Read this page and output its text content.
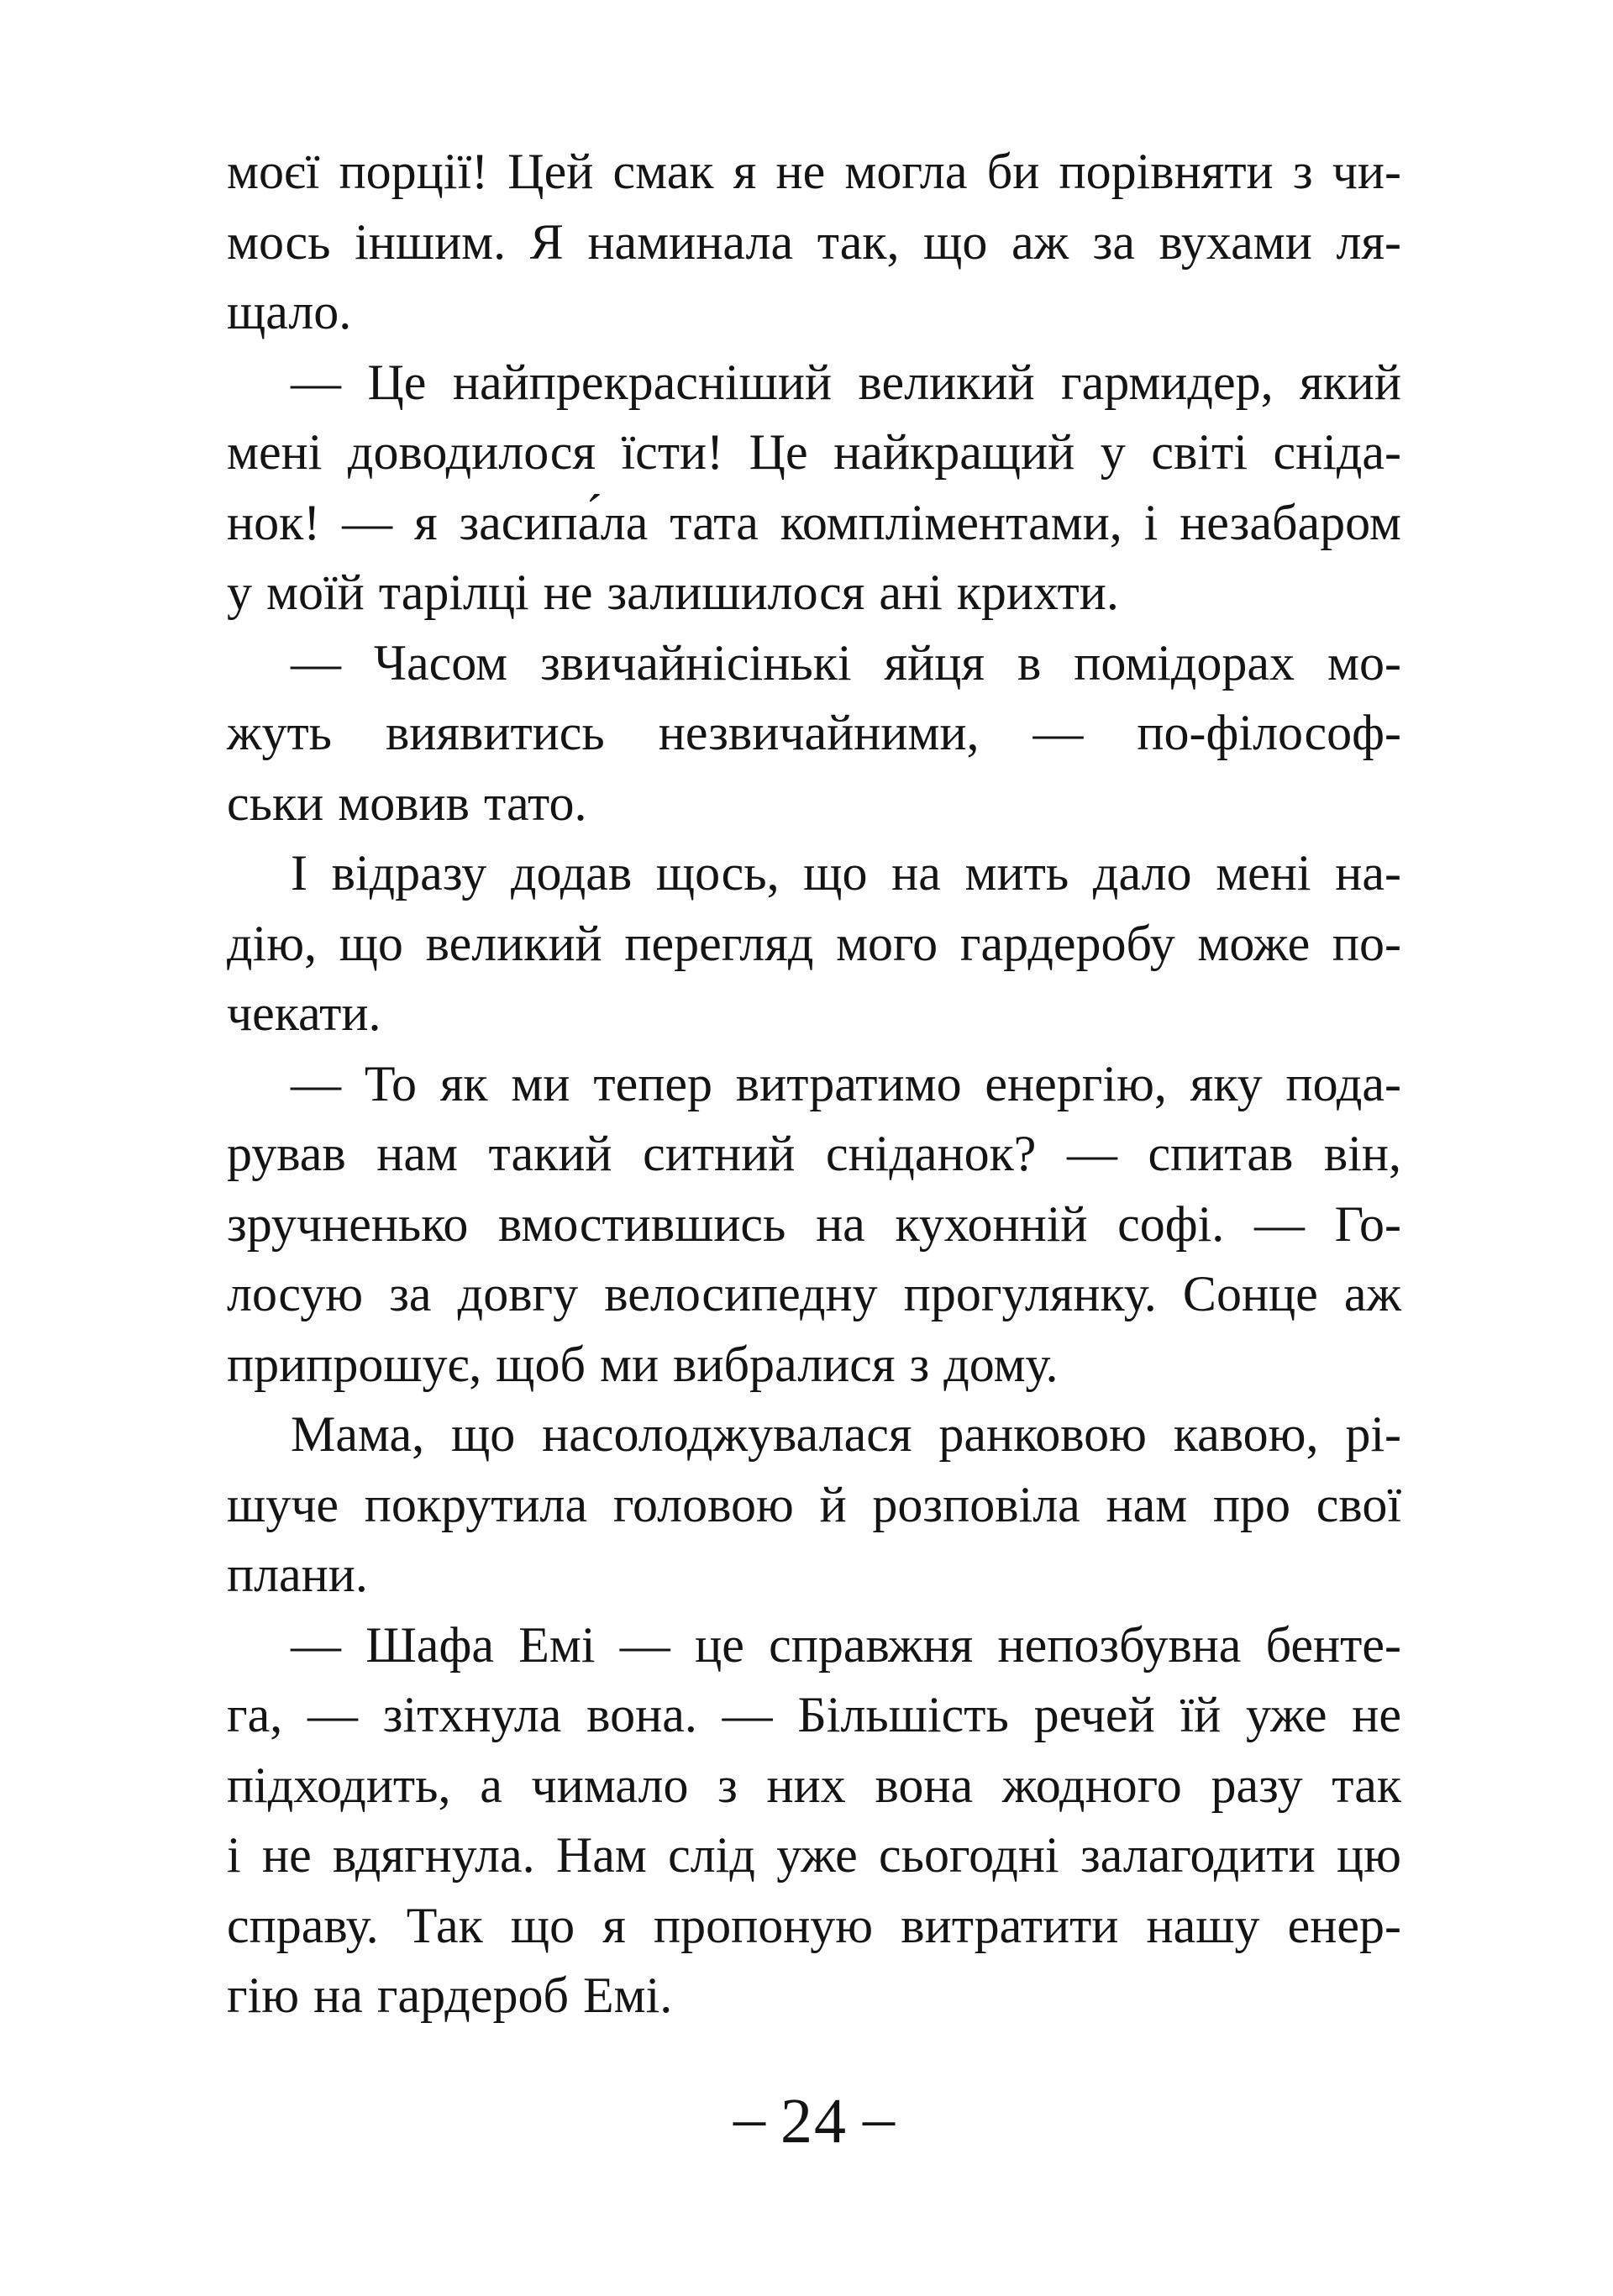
моєї порції! Цей смак я не могла би порівняти з чи-
мось іншим. Я наминала так, що аж за вухами ля-
щало.
— Це найпрекрасніший великий гармидер, який
мені доводилося їсти! Це найкращий у світі сніда-
нок! — я засипа́ла тата компліментами, і незабаром
у моїй тарілці не залишилося ані крихти.
— Часом звичайнісінькі яйця в помідорах мо-
жуть виявитись незвичайними, — по-філософ-
ськи мовив тато.
І відразу додав щось, що на мить дало мені на-
дію, що великий перегляд мого гардеробу може по-
чекати.
— То як ми тепер витратимо енергію, яку пода-
рував нам такий ситний сніданок? — спитав він,
зручненько вмостившись на кухонній софі. — Го-
лосую за довгу велосипедну прогулянку. Сонце аж
припрошує, щоб ми вибралися з дому.
Мама, що насолоджувалася ранковою кавою, рі-
шуче покрутила головою й розповіла нам про свої
плани.
— Шафа Емі — це справжня непозбувна бенте-
га, — зітхнула вона. — Більшість речей їй уже не
підходить, а чимало з них вона жодного разу так
і не вдягнула. Нам слід уже сьогодні залагодити цю
справу. Так що я пропоную витратити нашу енер-
гію на гардероб Емі.
– 24 –
